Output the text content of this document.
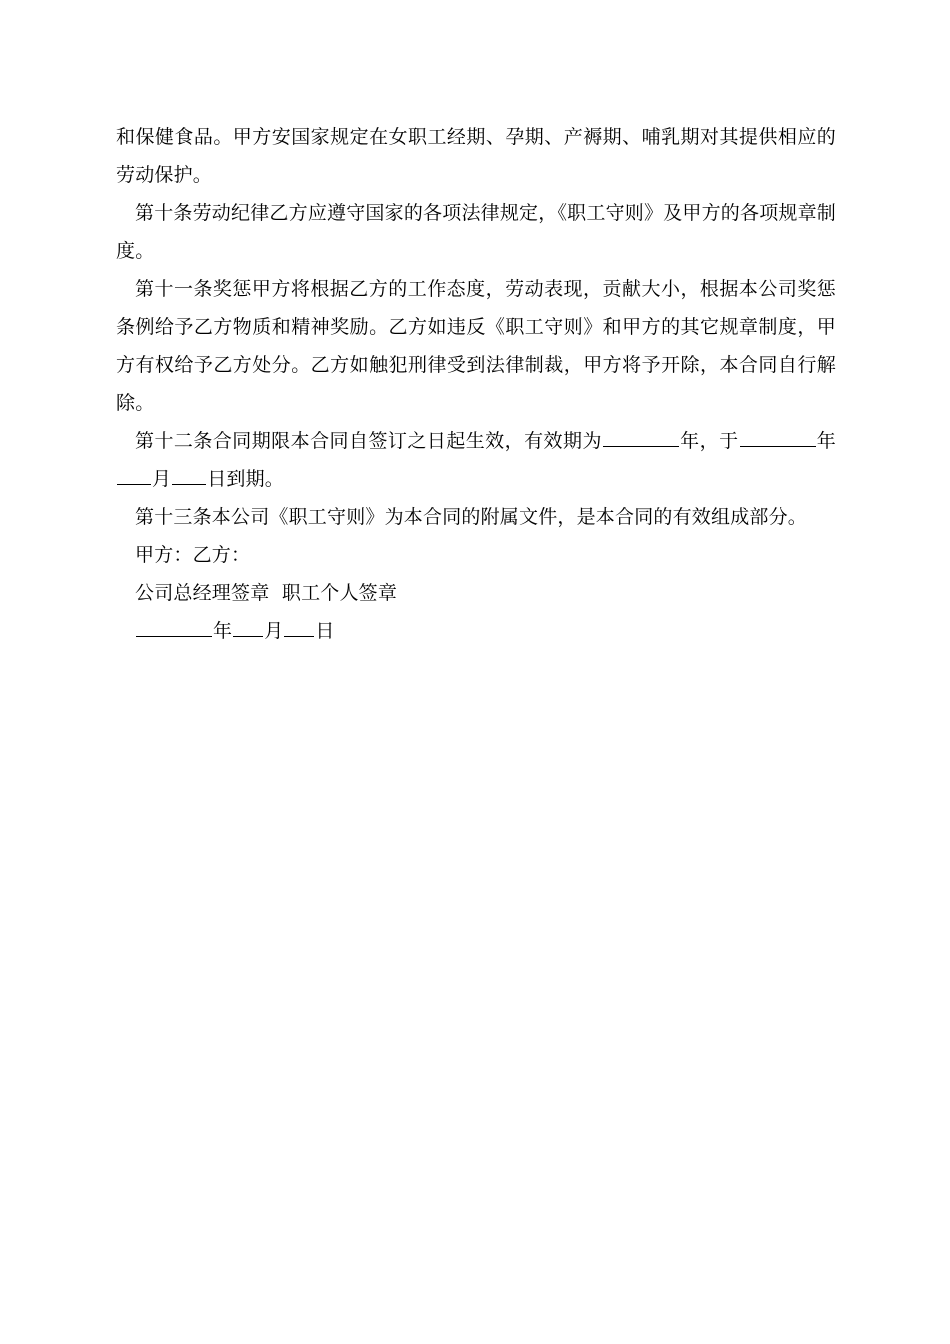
和保健食品。甲方安国家规定在女职工经期、孕期、产褥期、哺乳期对其提供相应的劳动保护。

第十条劳动纪律乙方应遵守国家的各项法律规定，《职工守则》及甲方的各项规章制度。

第十一条奖惩甲方将根据乙方的工作态度，劳动表现，贡献大小，根据本公司奖惩条例给予乙方物质和精神奖励。乙方如违反《职工守则》和甲方的其它规章制度，甲方有权给予乙方处分。乙方如触犯刑律受到法律制裁，甲方将予开除，本合同自行解除。

第十二条合同期限本合同自签订之日起生效，有效期为	年，于	年月 日到期。

第十三条本公司《职工守则》为本合同的附属文件，是本合同的有效组成部分。

甲方：乙方：

公司总经理签章  职工个人签章

年 月 日
